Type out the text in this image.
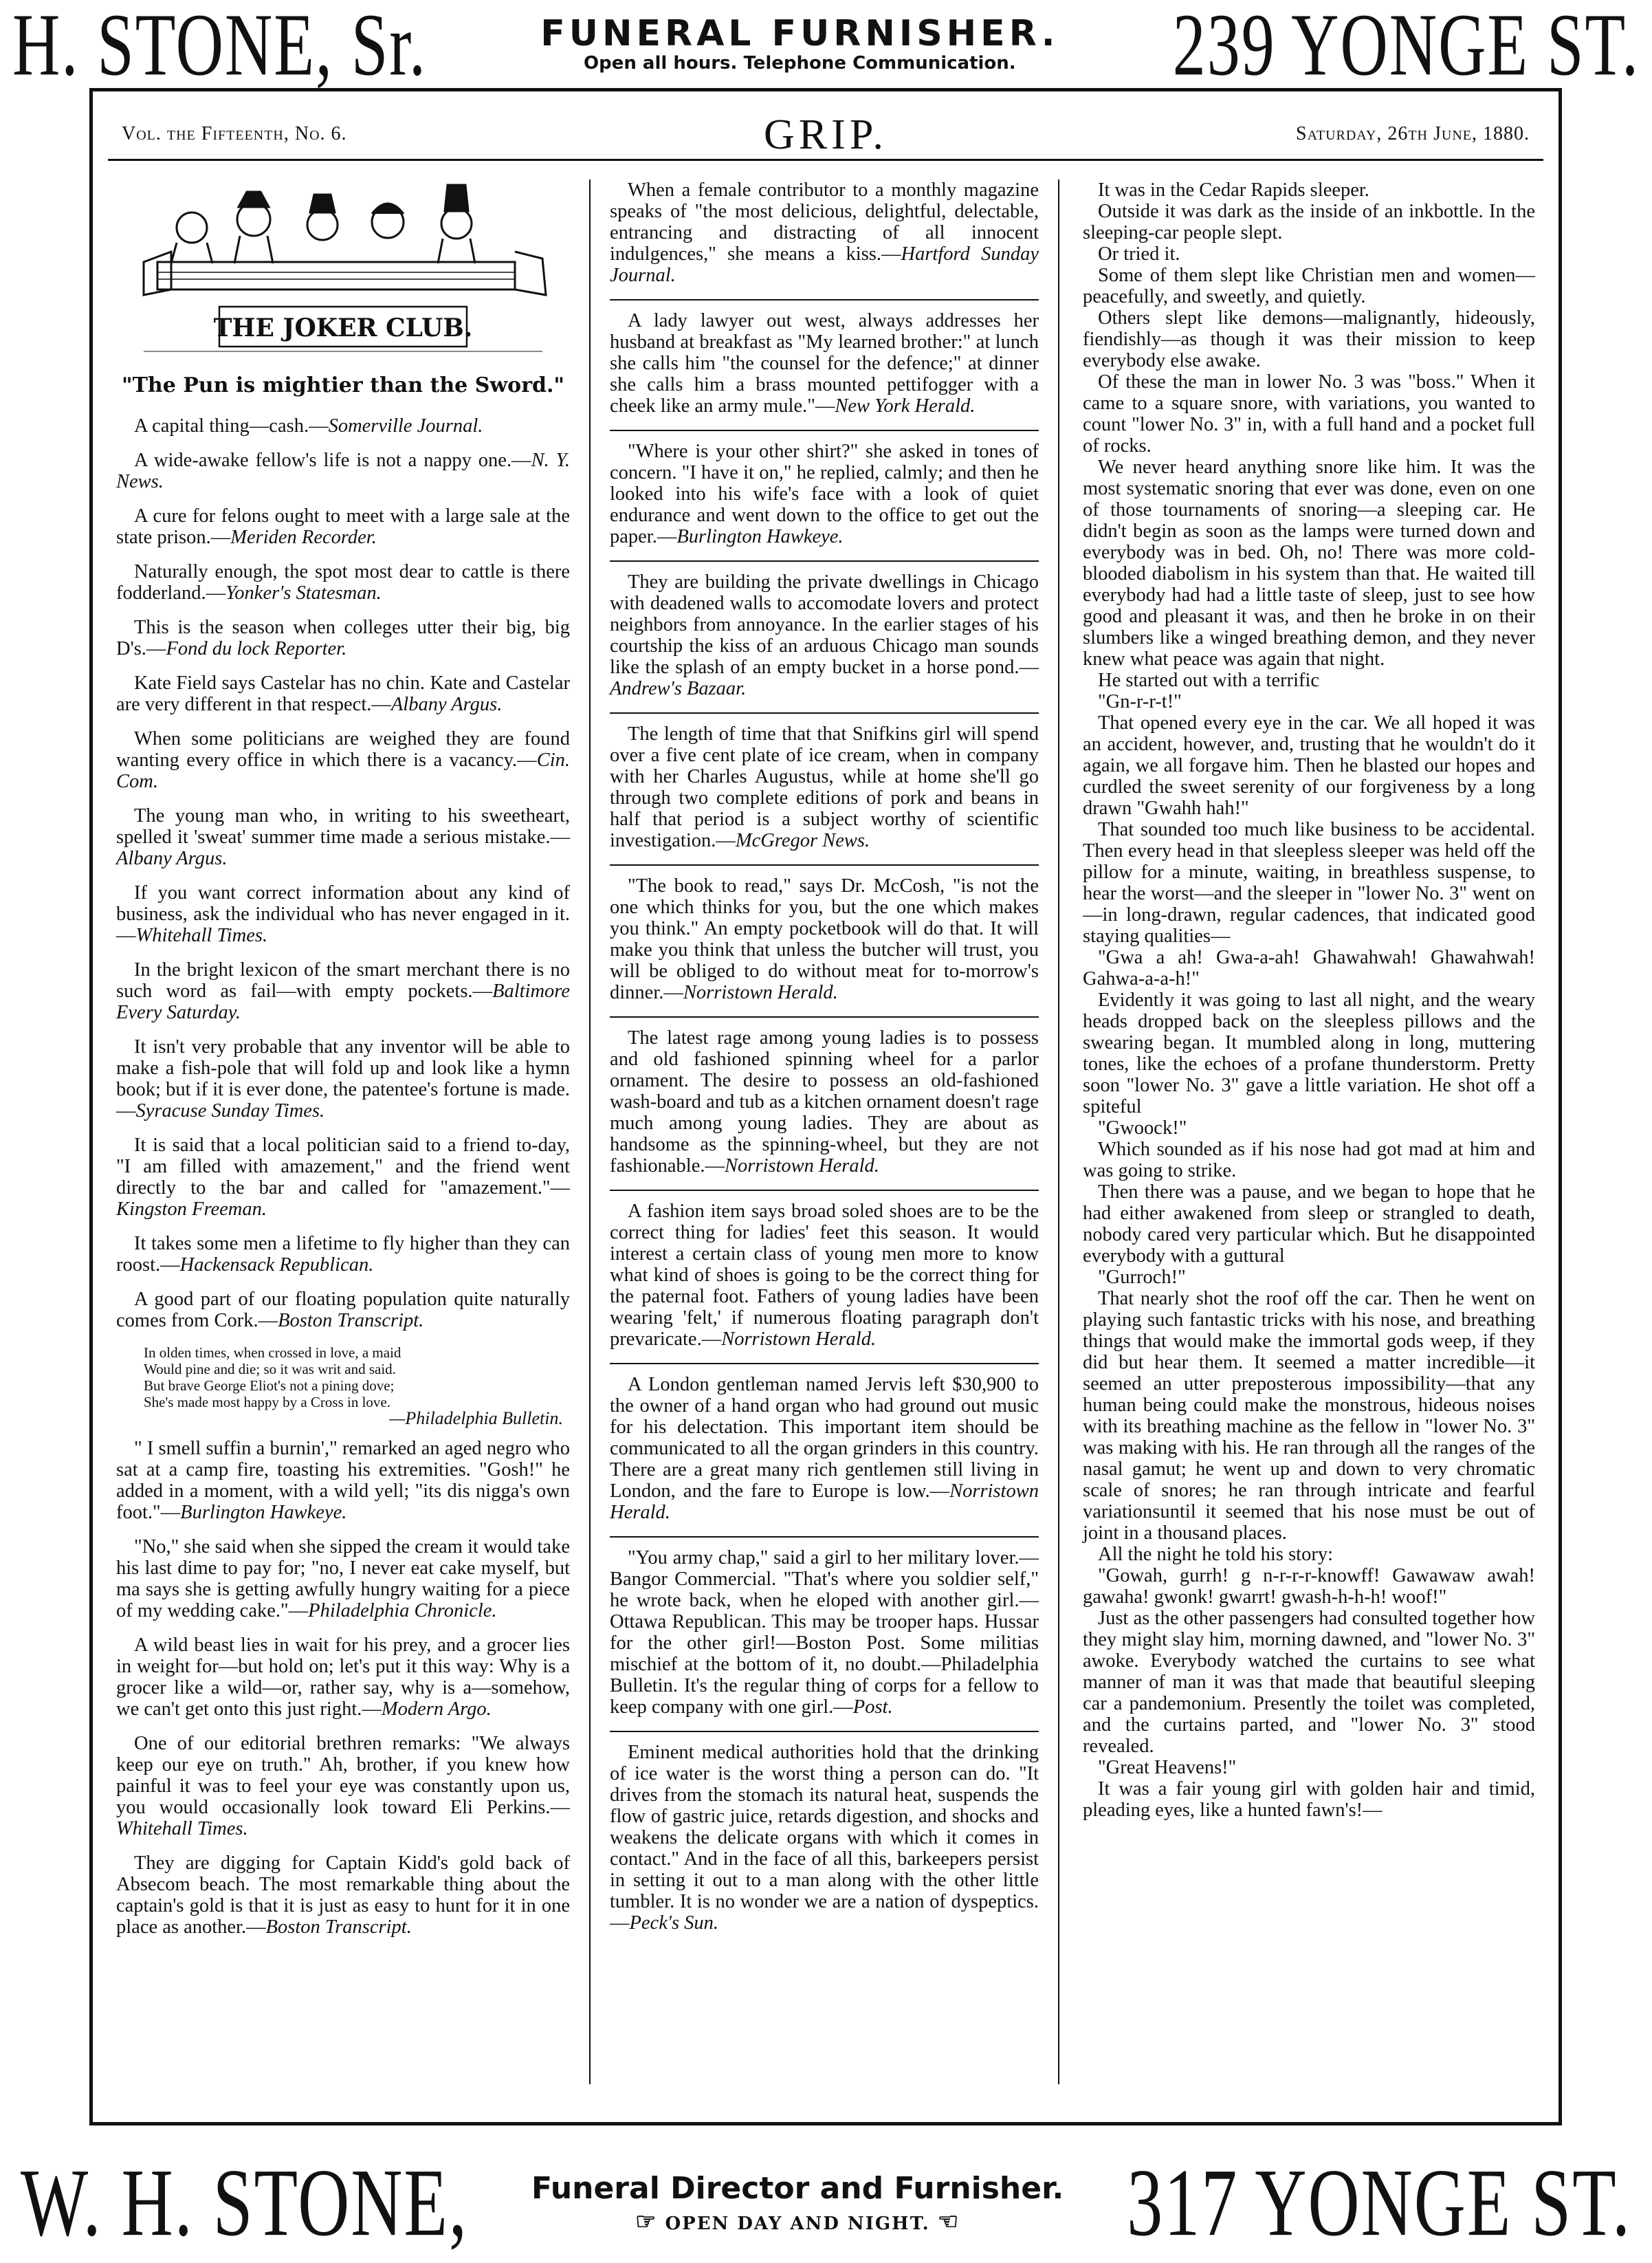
H. STONE, Sr.	FUNERAL FURNISHER.
Open all hours. Telephone Communication.	239 YONGE ST.
Vol. the Fifteenth, No. 6.	GRIP.	Saturday, 26th June, 1880.
THE JOKER CLUB.
"The Pun is mightier than the Sword."

A capital thing—cash.—Somerville Journal.

A wide-awake fellow's life is not a nappy one.—N. Y. News.

A cure for felons ought to meet with a large sale at the state prison.—Meriden Recorder.

Naturally enough, the spot most dear to cattle is there fodderland.—Yonker's Statesman.

This is the season when colleges utter their big, big D's.—Fond du lock Reporter.

Kate Field says Castelar has no chin. Kate and Castelar are very different in that respect.—Albany Argus.

When some politicians are weighed they are found wanting every office in which there is a vacancy.—Cin. Com.

The young man who, in writing to his sweetheart, spelled it 'sweat' summer time made a serious mistake.—Albany Argus.

If you want correct information about any kind of business, ask the individual who has never engaged in it.—Whitehall Times.

In the bright lexicon of the smart merchant there is no such word as fail—with empty pockets.—Baltimore Every Saturday.

It isn't very probable that any inventor will be able to make a fish-pole that will fold up and look like a hymn book; but if it is ever done, the patentee's fortune is made.—Syracuse Sunday Times.

It is said that a local politician said to a friend to-day, "I am filled with amazement," and the friend went directly to the bar and called for "amazement."—Kingston Freeman.

It takes some men a lifetime to fly higher than they can roost.—Hackensack Republican.

A good part of our floating population quite naturally comes from Cork.—Boston Transcript.

In olden times, when crossed in love, a maid
Would pine and die; so it was writ and said.
But brave George Eliot's not a pining dove;
She's made most happy by a Cross in love.
—Philadelphia Bulletin.

" I smell suffin a burnin'," remarked an aged negro who sat at a camp fire, toasting his extremities. "Gosh!" he added in a moment, with a wild yell; "its dis nigga's own foot."—Burlington Hawkeye.

"No," she said when she sipped the cream it would take his last dime to pay for; "no, I never eat cake myself, but ma says she is getting awfully hungry waiting for a piece of my wedding cake."—Philadelphia Chronicle.

A wild beast lies in wait for his prey, and a grocer lies in weight for—but hold on; let's put it this way: Why is a grocer like a wild—or, rather say, why is a—somehow, we can't get onto this just right.—Modern Argo.

One of our editorial brethren remarks: "We always keep our eye on truth." Ah, brother, if you knew how painful it was to feel your eye was constantly upon us, you would occasionally look toward Eli Perkins.—Whitehall Times.

They are digging for Captain Kidd's gold back of Absecom beach. The most remarkable thing about the captain's gold is that it is just as easy to hunt for it in one place as another.—Boston Transcript.

When a female contributor to a monthly magazine speaks of "the most delicious, delightful, delectable, entrancing and distracting of all innocent indulgences," she means a kiss.—Hartford Sunday Journal.

A lady lawyer out west, always addresses her husband at breakfast as "My learned brother:" at lunch she calls him "the counsel for the defence;" at dinner she calls him a brass mounted pettifogger with a cheek like an army mule."—New York Herald.

"Where is your other shirt?" she asked in tones of concern. "I have it on," he replied, calmly; and then he looked into his wife's face with a look of quiet endurance and went down to the office to get out the paper.—Burlington Hawkeye.

They are building the private dwellings in Chicago with deadened walls to accomodate lovers and protect neighbors from annoyance. In the earlier stages of his courtship the kiss of an arduous Chicago man sounds like the splash of an empty bucket in a horse pond.—Andrew's Bazaar.

The length of time that that Snifkins girl will spend over a five cent plate of ice cream, when in company with her Charles Augustus, while at home she'll go through two complete editions of pork and beans in half that period is a subject worthy of scientific investigation.—McGregor News.

"The book to read," says Dr. McCosh, "is not the one which thinks for you, but the one which makes you think." An empty pocketbook will do that. It will make you think that unless the butcher will trust, you will be obliged to do without meat for to-morrow's dinner.—Norristown Herald.

The latest rage among young ladies is to possess and old fashioned spinning wheel for a parlor ornament. The desire to possess an old-fashioned wash-board and tub as a kitchen ornament doesn't rage much among young ladies. They are about as handsome as the spinning-wheel, but they are not fashionable.—Norristown Herald.

A fashion item says broad soled shoes are to be the correct thing for ladies' feet this season. It would interest a certain class of young men more to know what kind of shoes is going to be the correct thing for the paternal foot. Fathers of young ladies have been wearing 'felt,' if numerous floating paragraph don't prevaricate.—Norristown Herald.

A London gentleman named Jervis left $30,900 to the owner of a hand organ who had ground out music for his delectation. This important item should be communicated to all the organ grinders in this country. There are a great many rich gentlemen still living in London, and the fare to Europe is low.—Norristown Herald.

"You army chap," said a girl to her military lover.—Bangor Commercial. "That's where you soldier self," he wrote back, when he eloped with another girl.—Ottawa Republican. This may be trooper haps. Hussar for the other girl!—Boston Post. Some militias mischief at the bottom of it, no doubt.—Philadelphia Bulletin. It's the regular thing of corps for a fellow to keep company with one girl.—Post.

Eminent medical authorities hold that the drinking of ice water is the worst thing a person can do. "It drives from the stomach its natural heat, suspends the flow of gastric juice, retards digestion, and shocks and weakens the delicate organs with which it comes in contact." And in the face of all this, barkeepers persist in setting it out to a man along with the other little tumbler. It is no wonder we are a nation of dyspeptics.—Peck's Sun.

It was in the Cedar Rapids sleeper.

Outside it was dark as the inside of an inkbottle. In the sleeping-car people slept.

Or tried it.

Some of them slept like Christian men and women—peacefully, and sweetly, and quietly.

Others slept like demons—malignantly, hideously, fiendishly—as though it was their mission to keep everybody else awake.

Of these the man in lower No. 3 was "boss." When it came to a square snore, with variations, you wanted to count "lower No. 3" in, with a full hand and a pocket full of rocks.

We never heard anything snore like him. It was the most systematic snoring that ever was done, even on one of those tournaments of snoring—a sleeping car. He didn't begin as soon as the lamps were turned down and everybody was in bed. Oh, no! There was more cold-blooded diabolism in his system than that. He waited till everybody had had a little taste of sleep, just to see how good and pleasant it was, and then he broke in on their slumbers like a winged breathing demon, and they never knew what peace was again that night.

He started out with a terrific

"Gn-r-r-t!"

That opened every eye in the car. We all hoped it was an accident, however, and, trusting that he wouldn't do it again, we all forgave him. Then he blasted our hopes and curdled the sweet serenity of our forgiveness by a long drawn "Gwahh hah!"

That sounded too much like business to be accidental. Then every head in that sleepless sleeper was held off the pillow for a minute, waiting, in breathless suspense, to hear the worst—and the sleeper in "lower No. 3" went on—in long-drawn, regular cadences, that indicated good staying qualities—

"Gwa a ah! Gwa-a-ah! Ghawahwah! Ghawahwah! Gahwa-a-a-h!"

Evidently it was going to last all night, and the weary heads dropped back on the sleepless pillows and the swearing began. It mumbled along in long, muttering tones, like the echoes of a profane thunderstorm. Pretty soon "lower No. 3" gave a little variation. He shot off a spiteful

"Gwoock!"

Which sounded as if his nose had got mad at him and was going to strike.

Then there was a pause, and we began to hope that he had either awakened from sleep or strangled to death, nobody cared very particular which. But he disappointed everybody with a guttural

"Gurroch!"

That nearly shot the roof off the car. Then he went on playing such fantastic tricks with his nose, and breathing things that would make the immortal gods weep, if they did but hear them. It seemed a matter incredible—it seemed an utter preposterous impossibility—that any human being could make the monstrous, hideous noises with its breathing machine as the fellow in "lower No. 3" was making with his. He ran through all the ranges of the nasal gamut; he went up and down to very chromatic scale of snores; he ran through intricate and fearful variationsuntil it seemed that his nose must be out of joint in a thousand places.

All the night he told his story:

"Gowah, gurrh! g n-r-r-r-knowff! Gawawaw awah! gawaha! gwonk! gwarrt! gwash-h-h-h! woof!"

Just as the other passengers had consulted together how they might slay him, morning dawned, and "lower No. 3" awoke. Everybody watched the curtains to see what manner of man it was that made that beautiful sleeping car a pandemonium. Presently the toilet was completed, and the curtains parted, and "lower No. 3" stood revealed.

"Great Heavens!"

It was a fair young girl with golden hair and timid, pleading eyes, like a hunted fawn's!—

W. H. STONE, Funeral Director and Furnisher.
☞ OPEN DAY AND NIGHT. ☜	317 YONGE ST.
